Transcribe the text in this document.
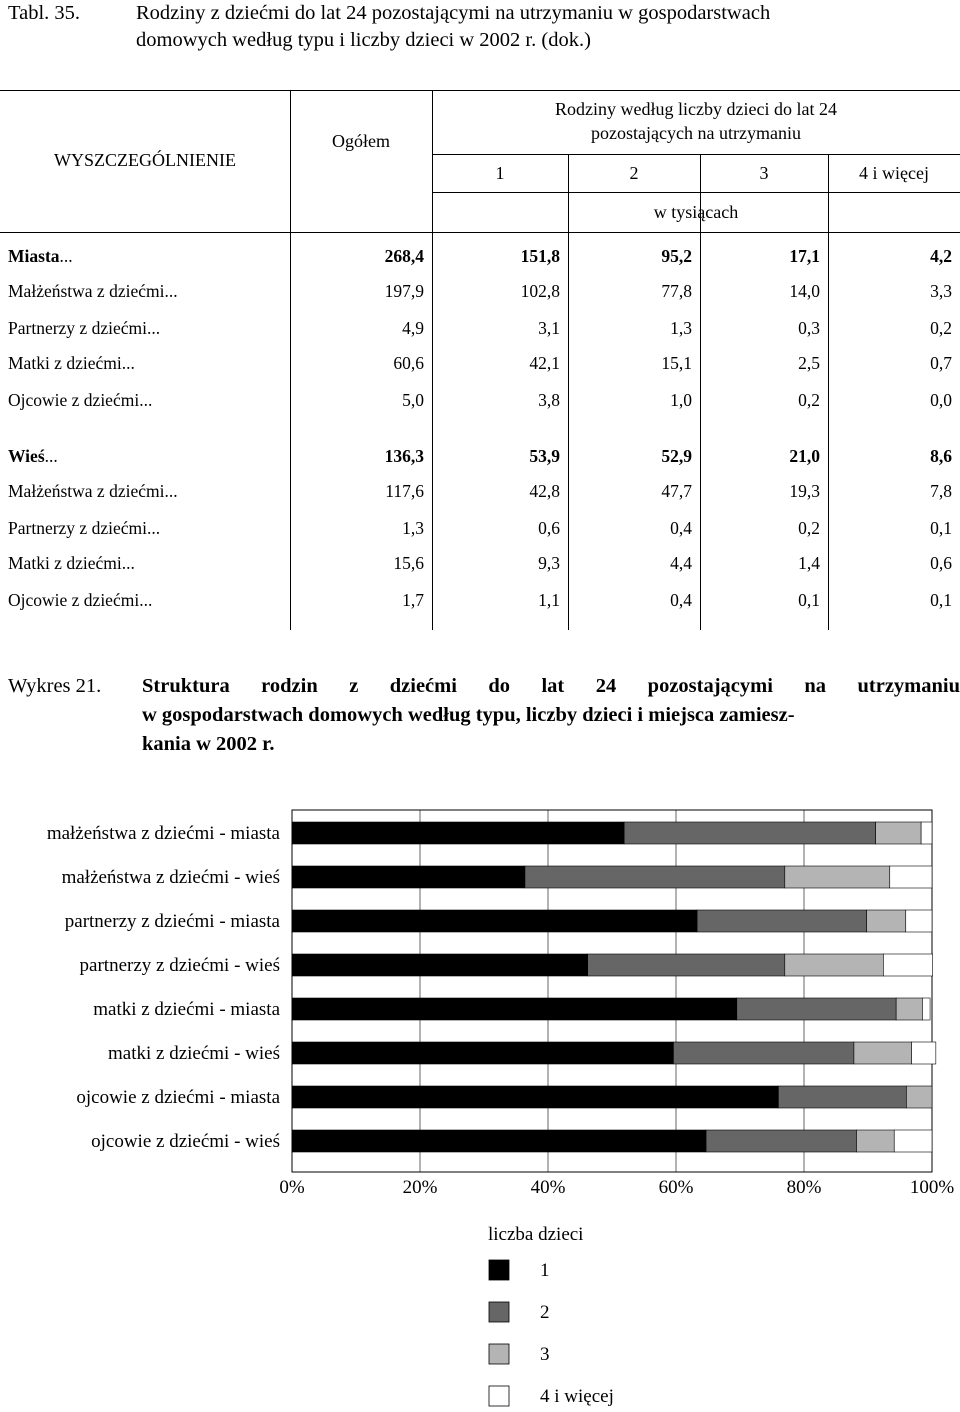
Tabl. 35.	Rodziny z dziećmi do lat 24 pozostającymi na utrzymaniu w gospodarstwach
domowych według typu i liczby dzieci w 2002 r. (dok.)
WYSZCZEGÓLNIENIE
Ogółem
Rodziny według liczby dzieci do lat 24
pozostających na utrzymaniu
1	2	3	4 i więcej
w tysiącach
Miasta...	268,4	151,8	95,2	17,1	4,2
Małżeństwa z dziećmi...	197,9	102,8	77,8	14,0	3,3
Partnerzy z dziećmi...	4,9	3,1	1,3	0,3	0,2
Matki z dziećmi...	60,6	42,1	15,1	2,5	0,7
Ojcowie z dziećmi...	5,0	3,8	1,0	0,2	0,0
Wieś...	136,3	53,9	52,9	21,0	8,6
Małżeństwa z dziećmi...	117,6	42,8	47,7	19,3	7,8
Partnerzy z dziećmi...	1,3	0,6	0,4	0,2	0,1
Matki z dziećmi...	15,6	9,3	4,4	1,4	0,6
Ojcowie z dziećmi...	1,7	1,1	0,4	0,1	0,1
Wykres 21. Struktura rodzin z dziećmi do lat 24 pozostającymi na utrzymaniu
w gospodarstwach domowych według typu, liczby dzieci i miejsca zamiesz-
kania w 2002 r.
0%	20%	40%	60%	80%	100%
małżeństwa z dziećmi - miasta
małżeństwa z dziećmi - wieś
partnerzy z dziećmi - miasta
partnerzy z dziećmi - wieś
matki z dziećmi - miasta
matki z dziećmi - wieś
ojcowie z dziećmi - miasta
ojcowie z dziećmi - wieś
liczba dzieci
1
2
3
4 i więcej
